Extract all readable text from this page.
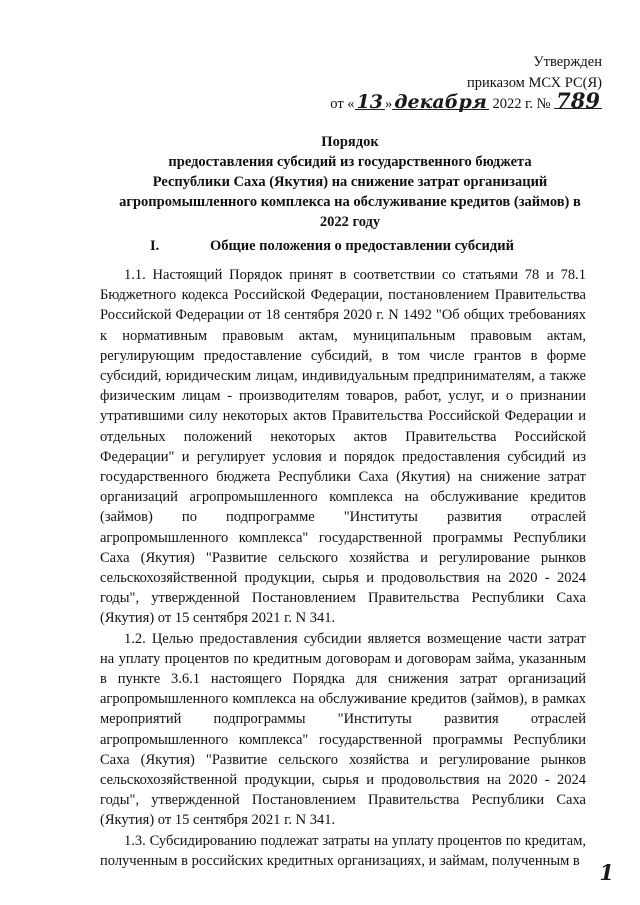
Утвержден
приказом МСХ РС(Я)
от « 13 » декабря 2022 г. № 789
Порядок
предоставления субсидий из государственного бюджета
Республики Саха (Якутия) на снижение затрат организаций
агропромышленного комплекса на обслуживание кредитов (займов) в
2022 году
I.	Общие положения о предоставлении субсидий

1.1. Настоящий Порядок принят в соответствии со статьями 78 и 78.1 Бюджетного кодекса Российской Федерации, постановлением Правительства Российской Федерации от 18 сентября 2020 г. N 1492 "Об общих требованиях к нормативным правовым актам, муниципальным правовым актам, регулирующим предоставление субсидий, в том числе грантов в форме субсидий, юридическим лицам, индивидуальным предпринимателям, а также физическим лицам - производителям товаров, работ, услуг, и о признании утратившими силу некоторых актов Правительства Российской Федерации и отдельных положений некоторых актов Правительства Российской Федерации" и регулирует условия и порядок предоставления субсидий из государственного бюджета Республики Саха (Якутия) на снижение затрат организаций агропромышленного комплекса на обслуживание кредитов (займов) по подпрограмме "Институты развития отраслей агропромышленного комплекса" государственной программы Республики Саха (Якутия) "Развитие сельского хозяйства и регулирование рынков сельскохозяйственной продукции, сырья и продовольствия на 2020 - 2024 годы", утвержденной Постановлением Правительства Республики Саха (Якутия) от 15 сентября 2021 г. N 341.

1.2. Целью предоставления субсидии является возмещение части затрат на уплату процентов по кредитным договорам и договорам займа, указанным в пункте 3.6.1 настоящего Порядка для снижения затрат организаций агропромышленного комплекса на обслуживание кредитов (займов), в рамках мероприятий подпрограммы "Институты развития отраслей агропромышленного комплекса" государственной программы Республики Саха (Якутия) "Развитие сельского хозяйства и регулирование рынков сельскохозяйственной продукции, сырья и продовольствия на 2020 - 2024 годы", утвержденной Постановлением Правительства Республики Саха (Якутия) от 15 сентября 2021 г. N 341.

1.3. Субсидированию подлежат затраты на уплату процентов по кредитам, полученным в российских кредитных организациях, и займам, полученным в 1
